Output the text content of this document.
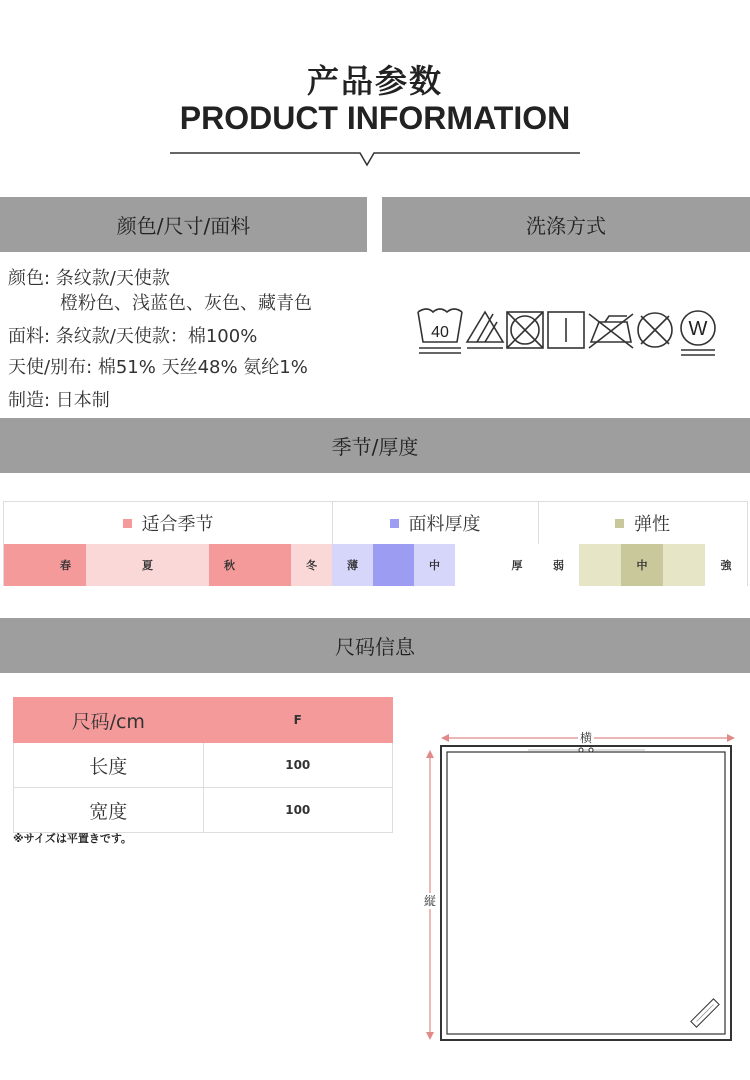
产品参数
PRODUCT INFORMATION
颜色/尺寸/面料	洗涤方式
颜色: 条纹款/天使款
橙粉色、浅蓝色、灰色、藏青色
面料: 条纹款/天使款：棉100%
天使/别布: 棉51% 天丝48% 氨纶1%
制造: 日本制
40	W
季节/厚度
适合季节
春	夏	秋	冬
面料厚度
薄	中	厚
弹性
弱	中	強
尺码信息
尺码/cm	F
长度	100
宽度	100
※サイズは平置きです。
横
縦
